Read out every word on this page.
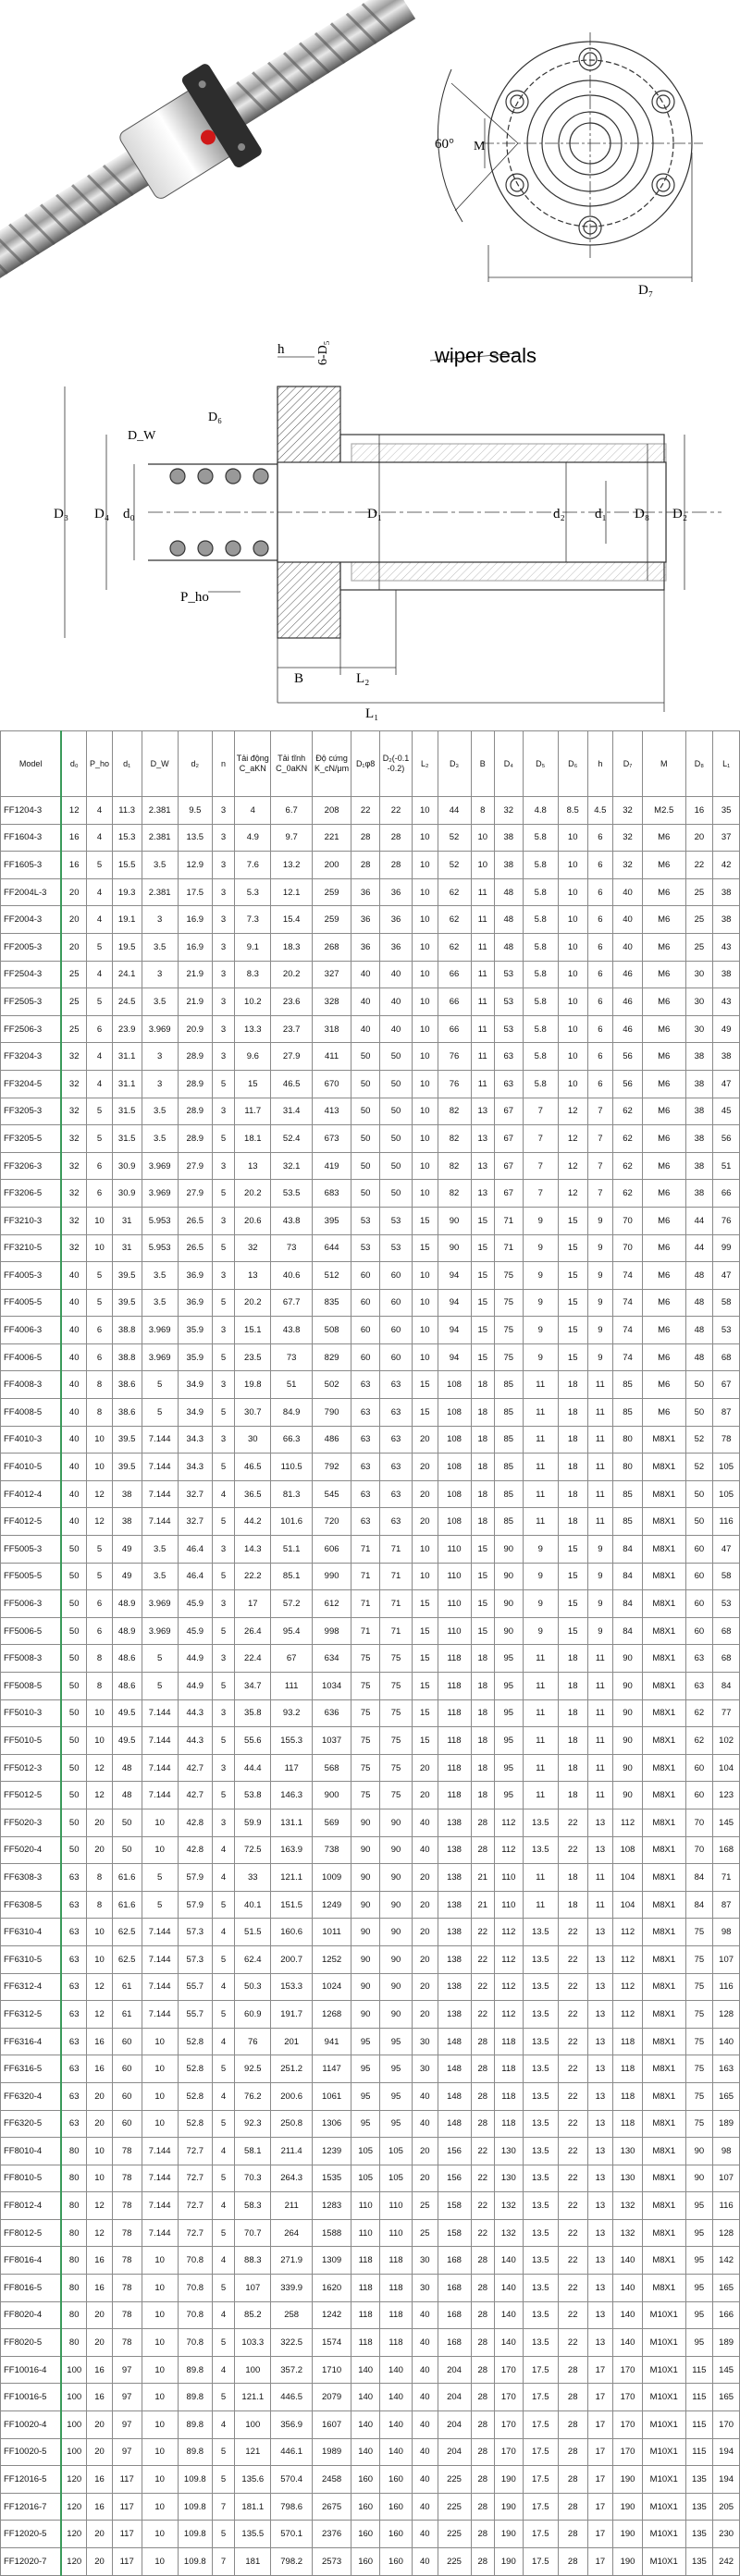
60° M
D₇
h 6-D₅	wiper seals
D_W
D₆
D₃ D₄ d₀	D₁	d₂ d₁ D₈ D₂
P_ho
B	L₂
L₁
Model	d₀	P_ho	d₁	D_W	d₂	n	Tải động C_aKN	Tải tĩnh C_0aKN	Độ cứng K_cN/μm	D₁φ8	D₂(-0.1 -0.2)	L₂	D₃	B	D₄	D₅	D₆	h	D₇	M	D₈	L₁
FF1204-3	12	4	11.3	2.381	9.5	3	4	6.7	208	22	22	10	44	8	32	4.8	8.5	4.5	32	M2.5	16	35
FF1604-3	16	4	15.3	2.381	13.5	3	4.9	9.7	221	28	28	10	52	10	38	5.8	10	6	32	M6	20	37
FF1605-3	16	5	15.5	3.5	12.9	3	7.6	13.2	200	28	28	10	52	10	38	5.8	10	6	32	M6	22	42
FF2004L-3	20	4	19.3	2.381	17.5	3	5.3	12.1	259	36	36	10	62	11	48	5.8	10	6	40	M6	25	38
FF2004-3	20	4	19.1	3	16.9	3	7.3	15.4	259	36	36	10	62	11	48	5.8	10	6	40	M6	25	38
FF2005-3	20	5	19.5	3.5	16.9	3	9.1	18.3	268	36	36	10	62	11	48	5.8	10	6	40	M6	25	43
FF2504-3	25	4	24.1	3	21.9	3	8.3	20.2	327	40	40	10	66	11	53	5.8	10	6	46	M6	30	38
FF2505-3	25	5	24.5	3.5	21.9	3	10.2	23.6	328	40	40	10	66	11	53	5.8	10	6	46	M6	30	43
FF2506-3	25	6	23.9	3.969	20.9	3	13.3	23.7	318	40	40	10	66	11	53	5.8	10	6	46	M6	30	49
FF3204-3	32	4	31.1	3	28.9	3	9.6	27.9	411	50	50	10	76	11	63	5.8	10	6	56	M6	38	38
FF3204-5	32	4	31.1	3	28.9	5	15	46.5	670	50	50	10	76	11	63	5.8	10	6	56	M6	38	47
FF3205-3	32	5	31.5	3.5	28.9	3	11.7	31.4	413	50	50	10	82	13	67	7	12	7	62	M6	38	45
FF3205-5	32	5	31.5	3.5	28.9	5	18.1	52.4	673	50	50	10	82	13	67	7	12	7	62	M6	38	56
FF3206-3	32	6	30.9	3.969	27.9	3	13	32.1	419	50	50	10	82	13	67	7	12	7	62	M6	38	51
FF3206-5	32	6	30.9	3.969	27.9	5	20.2	53.5	683	50	50	10	82	13	67	7	12	7	62	M6	38	66
FF3210-3	32	10	31	5.953	26.5	3	20.6	43.8	395	53	53	15	90	15	71	9	15	9	70	M6	44	76
FF3210-5	32	10	31	5.953	26.5	5	32	73	644	53	53	15	90	15	71	9	15	9	70	M6	44	99
FF4005-3	40	5	39.5	3.5	36.9	3	13	40.6	512	60	60	10	94	15	75	9	15	9	74	M6	48	47
FF4005-5	40	5	39.5	3.5	36.9	5	20.2	67.7	835	60	60	10	94	15	75	9	15	9	74	M6	48	58
FF4006-3	40	6	38.8	3.969	35.9	3	15.1	43.8	508	60	60	10	94	15	75	9	15	9	74	M6	48	53
FF4006-5	40	6	38.8	3.969	35.9	5	23.5	73	829	60	60	10	94	15	75	9	15	9	74	M6	48	68
FF4008-3	40	8	38.6	5	34.9	3	19.8	51	502	63	63	15	108	18	85	11	18	11	85	M6	50	67
FF4008-5	40	8	38.6	5	34.9	5	30.7	84.9	790	63	63	15	108	18	85	11	18	11	85	M6	50	87
FF4010-3	40	10	39.5	7.144	34.3	3	30	66.3	486	63	63	20	108	18	85	11	18	11	80	M8X1	52	78
FF4010-5	40	10	39.5	7.144	34.3	5	46.5	110.5	792	63	63	20	108	18	85	11	18	11	80	M8X1	52	105
FF4012-4	40	12	38	7.144	32.7	4	36.5	81.3	545	63	63	20	108	18	85	11	18	11	85	M8X1	50	105
FF4012-5	40	12	38	7.144	32.7	5	44.2	101.6	720	63	63	20	108	18	85	11	18	11	85	M8X1	50	116
FF5005-3	50	5	49	3.5	46.4	3	14.3	51.1	606	71	71	10	110	15	90	9	15	9	84	M8X1	60	47
FF5005-5	50	5	49	3.5	46.4	5	22.2	85.1	990	71	71	10	110	15	90	9	15	9	84	M8X1	60	58
FF5006-3	50	6	48.9	3.969	45.9	3	17	57.2	612	71	71	15	110	15	90	9	15	9	84	M8X1	60	53
FF5006-5	50	6	48.9	3.969	45.9	5	26.4	95.4	998	71	71	15	110	15	90	9	15	9	84	M8X1	60	68
FF5008-3	50	8	48.6	5	44.9	3	22.4	67	634	75	75	15	118	18	95	11	18	11	90	M8X1	63	68
FF5008-5	50	8	48.6	5	44.9	5	34.7	111	1034	75	75	15	118	18	95	11	18	11	90	M8X1	63	84
FF5010-3	50	10	49.5	7.144	44.3	3	35.8	93.2	636	75	75	15	118	18	95	11	18	11	90	M8X1	62	77
FF5010-5	50	10	49.5	7.144	44.3	5	55.6	155.3	1037	75	75	15	118	18	95	11	18	11	90	M8X1	62	102
FF5012-3	50	12	48	7.144	42.7	3	44.4	117	568	75	75	20	118	18	95	11	18	11	90	M8X1	60	104
FF5012-5	50	12	48	7.144	42.7	5	53.8	146.3	900	75	75	20	118	18	95	11	18	11	90	M8X1	60	123
FF5020-3	50	20	50	10	42.8	3	59.9	131.1	569	90	90	40	138	28	112	13.5	22	13	112	M8X1	70	145
FF5020-4	50	20	50	10	42.8	4	72.5	163.9	738	90	90	40	138	28	112	13.5	22	13	108	M8X1	70	168
FF6308-3	63	8	61.6	5	57.9	4	33	121.1	1009	90	90	20	138	21	110	11	18	11	104	M8X1	84	71
FF6308-5	63	8	61.6	5	57.9	5	40.1	151.5	1249	90	90	20	138	21	110	11	18	11	104	M8X1	84	87
FF6310-4	63	10	62.5	7.144	57.3	4	51.5	160.6	1011	90	90	20	138	22	112	13.5	22	13	112	M8X1	75	98
FF6310-5	63	10	62.5	7.144	57.3	5	62.4	200.7	1252	90	90	20	138	22	112	13.5	22	13	112	M8X1	75	107
FF6312-4	63	12	61	7.144	55.7	4	50.3	153.3	1024	90	90	20	138	22	112	13.5	22	13	112	M8X1	75	116
FF6312-5	63	12	61	7.144	55.7	5	60.9	191.7	1268	90	90	20	138	22	112	13.5	22	13	112	M8X1	75	128
FF6316-4	63	16	60	10	52.8	4	76	201	941	95	95	30	148	28	118	13.5	22	13	118	M8X1	75	140
FF6316-5	63	16	60	10	52.8	5	92.5	251.2	1147	95	95	30	148	28	118	13.5	22	13	118	M8X1	75	163
FF6320-4	63	20	60	10	52.8	4	76.2	200.6	1061	95	95	40	148	28	118	13.5	22	13	118	M8X1	75	165
FF6320-5	63	20	60	10	52.8	5	92.3	250.8	1306	95	95	40	148	28	118	13.5	22	13	118	M8X1	75	189
FF8010-4	80	10	78	7.144	72.7	4	58.1	211.4	1239	105	105	20	156	22	130	13.5	22	13	130	M8X1	90	98
FF8010-5	80	10	78	7.144	72.7	5	70.3	264.3	1535	105	105	20	156	22	130	13.5	22	13	130	M8X1	90	107
FF8012-4	80	12	78	7.144	72.7	4	58.3	211	1283	110	110	25	158	22	132	13.5	22	13	132	M8X1	95	116
FF8012-5	80	12	78	7.144	72.7	5	70.7	264	1588	110	110	25	158	22	132	13.5	22	13	132	M8X1	95	128
FF8016-4	80	16	78	10	70.8	4	88.3	271.9	1309	118	118	30	168	28	140	13.5	22	13	140	M8X1	95	142
FF8016-5	80	16	78	10	70.8	5	107	339.9	1620	118	118	30	168	28	140	13.5	22	13	140	M8X1	95	165
FF8020-4	80	20	78	10	70.8	4	85.2	258	1242	118	118	40	168	28	140	13.5	22	13	140	M10X1	95	166
FF8020-5	80	20	78	10	70.8	5	103.3	322.5	1574	118	118	40	168	28	140	13.5	22	13	140	M10X1	95	189
FF10016-4	100	16	97	10	89.8	4	100	357.2	1710	140	140	40	204	28	170	17.5	28	17	170	M10X1	115	145
FF10016-5	100	16	97	10	89.8	5	121.1	446.5	2079	140	140	40	204	28	170	17.5	28	17	170	M10X1	115	165
FF10020-4	100	20	97	10	89.8	4	100	356.9	1607	140	140	40	204	28	170	17.5	28	17	170	M10X1	115	170
FF10020-5	100	20	97	10	89.8	5	121	446.1	1989	140	140	40	204	28	170	17.5	28	17	170	M10X1	115	194
FF12016-5	120	16	117	10	109.8	5	135.6	570.4	2458	160	160	40	225	28	190	17.5	28	17	190	M10X1	135	194
FF12016-7	120	16	117	10	109.8	7	181.1	798.6	2675	160	160	40	225	28	190	17.5	28	17	190	M10X1	135	205
FF12020-5	120	20	117	10	109.8	5	135.5	570.1	2376	160	160	40	225	28	190	17.5	28	17	190	M10X1	135	230
FF12020-7	120	20	117	10	109.8	7	181	798.2	2573	160	160	40	225	28	190	17.5	28	17	190	M10X1	135	242
